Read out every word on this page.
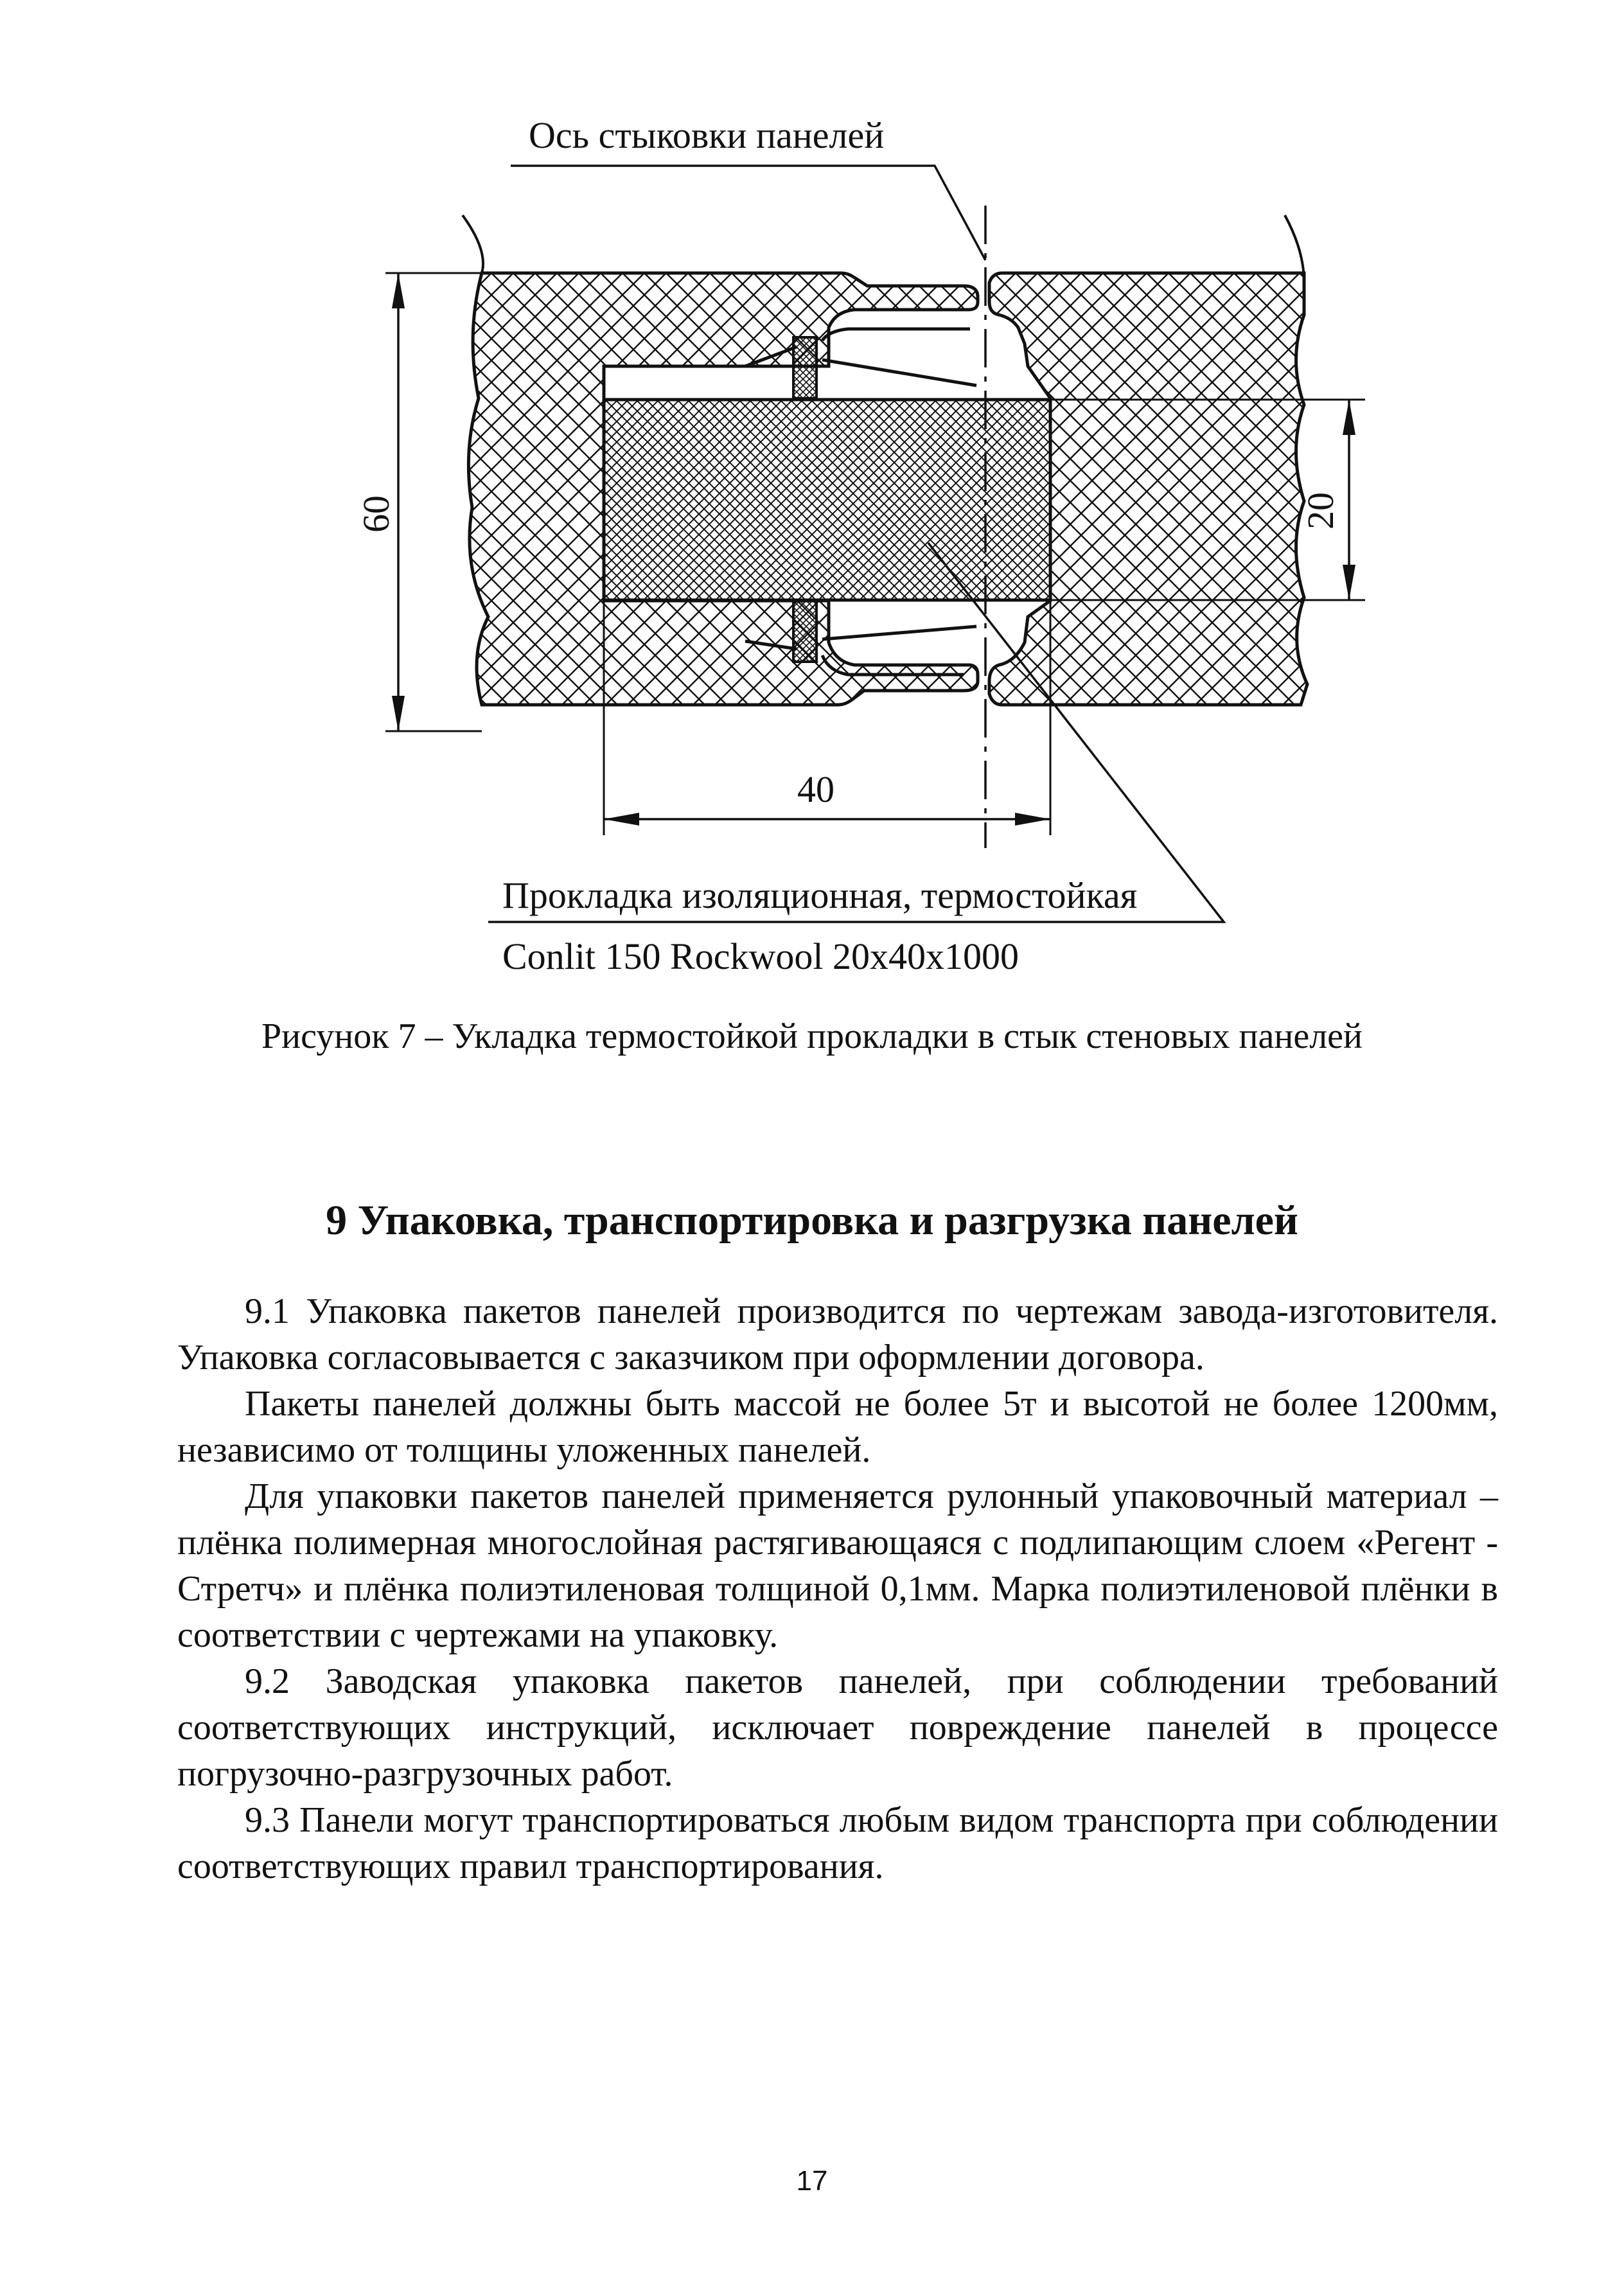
Ось стыковки панелей
60	20
40
Прокладка изоляционная, термостойкая
Conlit 150 Rockwool 20x40x1000
Рисунок 7 – Укладка термостойкой прокладки в стык стеновых панелей
9 Упаковка, транспортировка и разгрузка панелей

9.1 Упаковка пакетов панелей производится по чертежам завода-изготовителя. Упаковка согласовывается с заказчиком при оформлении договора.

Пакеты панелей должны быть массой не более 5т и высотой не более 1200мм, независимо от толщины уложенных панелей.

Для упаковки пакетов панелей применяется рулонный упаковочный материал – плёнка полимерная многослойная растягивающаяся с подлипающим слоем «Регент - Стретч» и плёнка полиэтиленовая толщиной 0,1мм. Марка полиэтиленовой плёнки в соответствии с чертежами на упаковку.

9.2 Заводская упаковка пакетов панелей, при соблюдении требований соответствующих инструкций, исключает повреждение панелей в процессе погрузочно-разгрузочных работ.

9.3 Панели могут транспортироваться любым видом транспорта при соблюдении соответствующих правил транспортирования.

17
